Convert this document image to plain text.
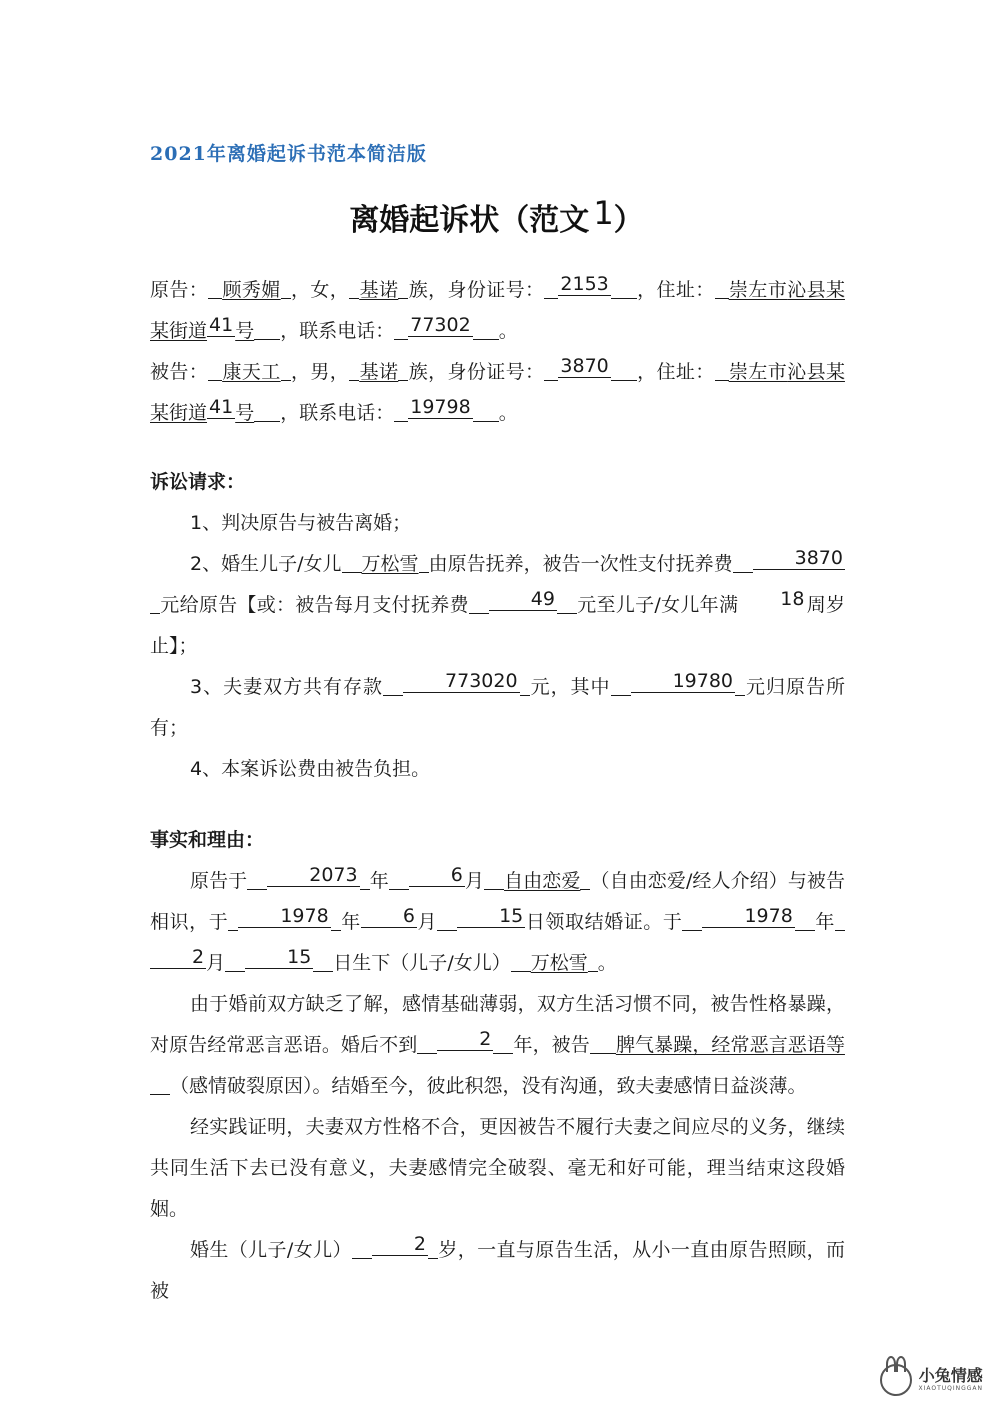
2021年离婚起诉书范本简洁版
离婚起诉状（范文 1）

原告： 顾秀媚 ，女， 基诺 族，身份证号： 2153 ，住址： 崇左市沁县某某街道 41 号 ，联系电话： 77302 。

被告： 康天工 ，男， 基诺 族，身份证号： 3870 ，住址： 崇左市沁县某某街道 41 号 ，联系电话： 19798 。

诉讼请求：

1、判决原告与被告离婚；

2、婚生儿子/女儿 万松雪 由原告抚养，被告一次性支付抚养费	3870元给原告【或：被告每月支付抚养费	49 元至儿子/女儿年满 18 周岁止】；

3、夫妻双方共有存款	773020 元，其中	19780 元归原告所有；

4、本案诉讼费由被告负担。

事实和理由：

原告于	2073 年	6 月 自由恋爱 （自由恋爱/经人介绍）与被告相识，于	1978 年 6 月	15 日领取结婚证。于	1978 年2 月	15 日生下（儿子/女儿） 万松雪 。

由于婚前双方缺乏了解，感情基础薄弱，双方生活习惯不同，被告性格暴躁，对原告经常恶言恶语。婚后不到	2 年，被告 脾气暴躁，经常恶言恶语等（感情破裂原因）。结婚至今，彼此积怨，没有沟通，致夫妻感情日益淡薄。

经实践证明，夫妻双方性格不合，更因被告不履行夫妻之间应尽的义务，继续共同生活下去已没有意义，夫妻感情完全破裂、毫无和好可能，理当结束这段婚姻。

婚生（儿子/女儿）	2 岁，一直与原告生活，从小一直由原告照顾，而被

小兔情感
XIAOTUQINGGAN
